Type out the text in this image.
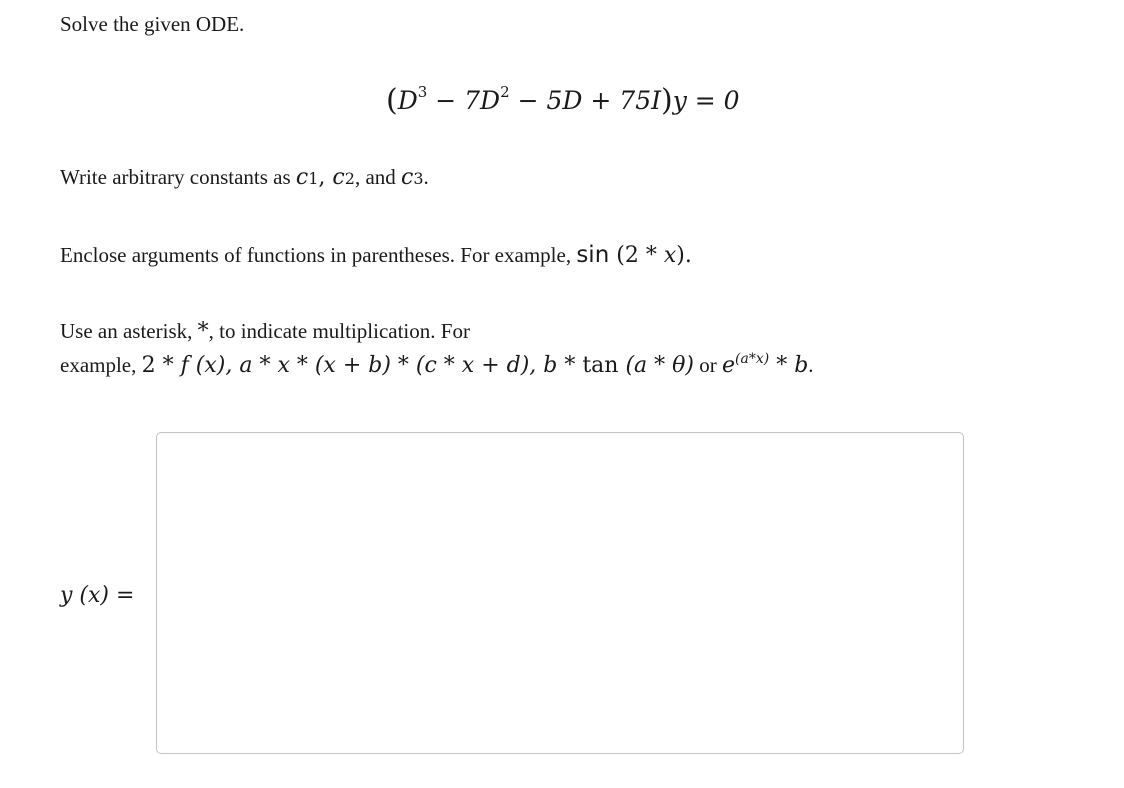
Solve the given ODE.

$(D^3 - 7D^2 - 5D + 75I)y = 0$
Write arbitrary constants as c1, c2, and c3.
Enclose arguments of functions in parentheses. For example, sin (2 * x).
Use an asterisk, *, to indicate multiplication. For
example, 2 * f (x), a * x * (x + b) * (c * x + d), b * tan (a * θ) or $e^{(a*x)}$ * b.
y (x) =
